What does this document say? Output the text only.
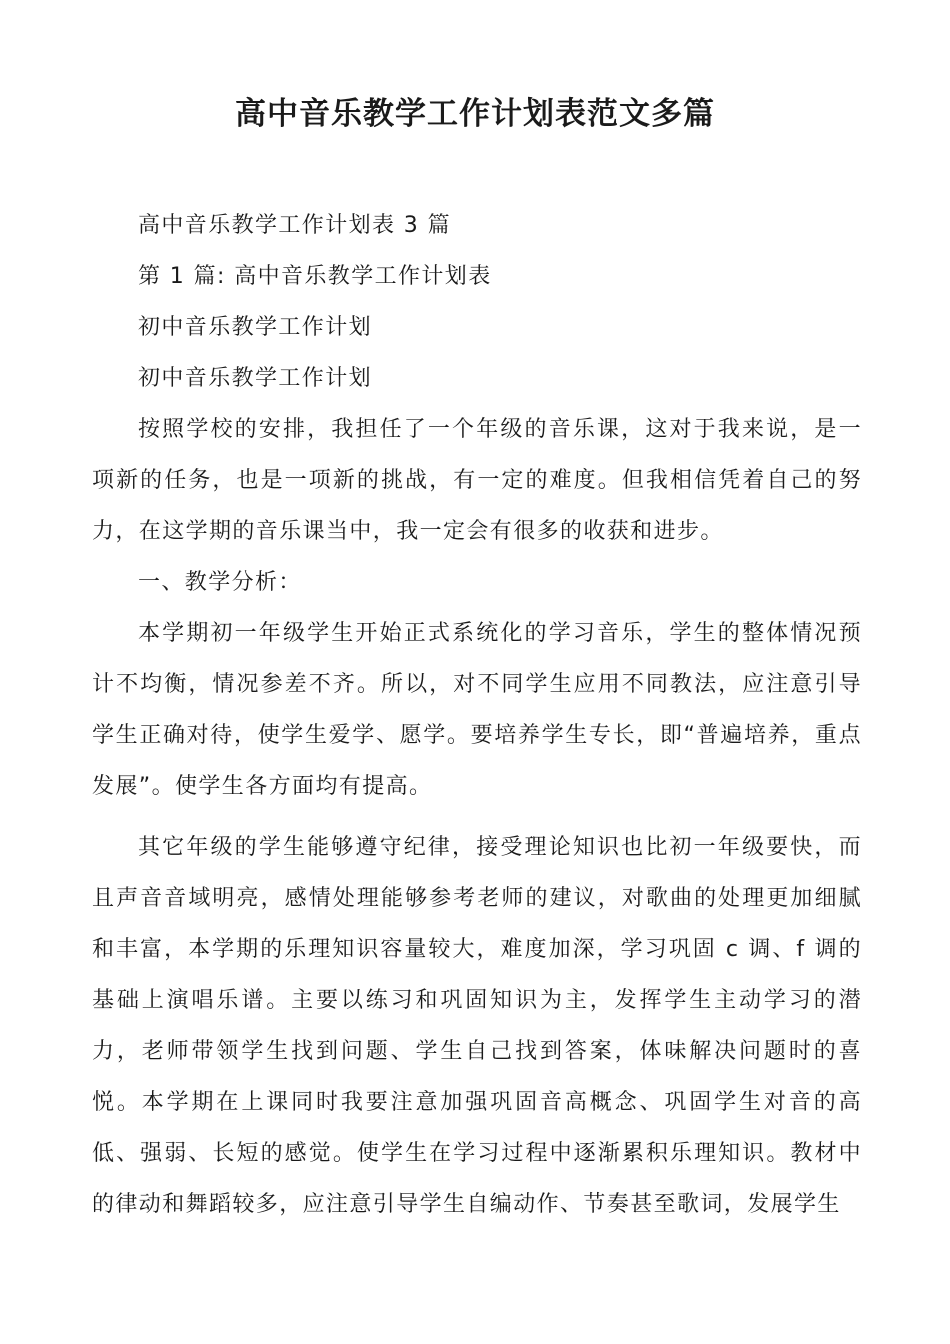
高中音乐教学工作计划表范文多篇

高中音乐教学工作计划表 3 篇

第 1 篇: 高中音乐教学工作计划表

初中音乐教学工作计划

初中音乐教学工作计划

按照学校的安排，我担任了一个年级的音乐课，这对于我来说，是一项新的任务，也是一项新的挑战，有一定的难度。但我相信凭着自己的努力，在这学期的音乐课当中，我一定会有很多的收获和进步。

一、教学分析：

本学期初一年级学生开始正式系统化的学习音乐，学生的整体情况预计不均衡，情况参差不齐。所以，对不同学生应用不同教法，应注意引导学生正确对待，使学生爱学、愿学。要培养学生专长，即“普遍培养，重点发展”。使学生各方面均有提高。

其它年级的学生能够遵守纪律，接受理论知识也比初一年级要快，而且声音音域明亮，感情处理能够参考老师的建议，对歌曲的处理更加细腻和丰富，本学期的乐理知识容量较大，难度加深，学习巩固 c 调、f 调的基础上演唱乐谱。主要以练习和巩固知识为主，发挥学生主动学习的潜力，老师带领学生找到问题、学生自己找到答案，体味解决问题时的喜悦。本学期在上课同时我要注意加强巩固音高概念、巩固学生对音的高低、强弱、长短的感觉。使学生在学习过程中逐渐累积乐理知识。教材中的律动和舞蹈较多，应注意引导学生自编动作、节奏甚至歌词，发展学生
